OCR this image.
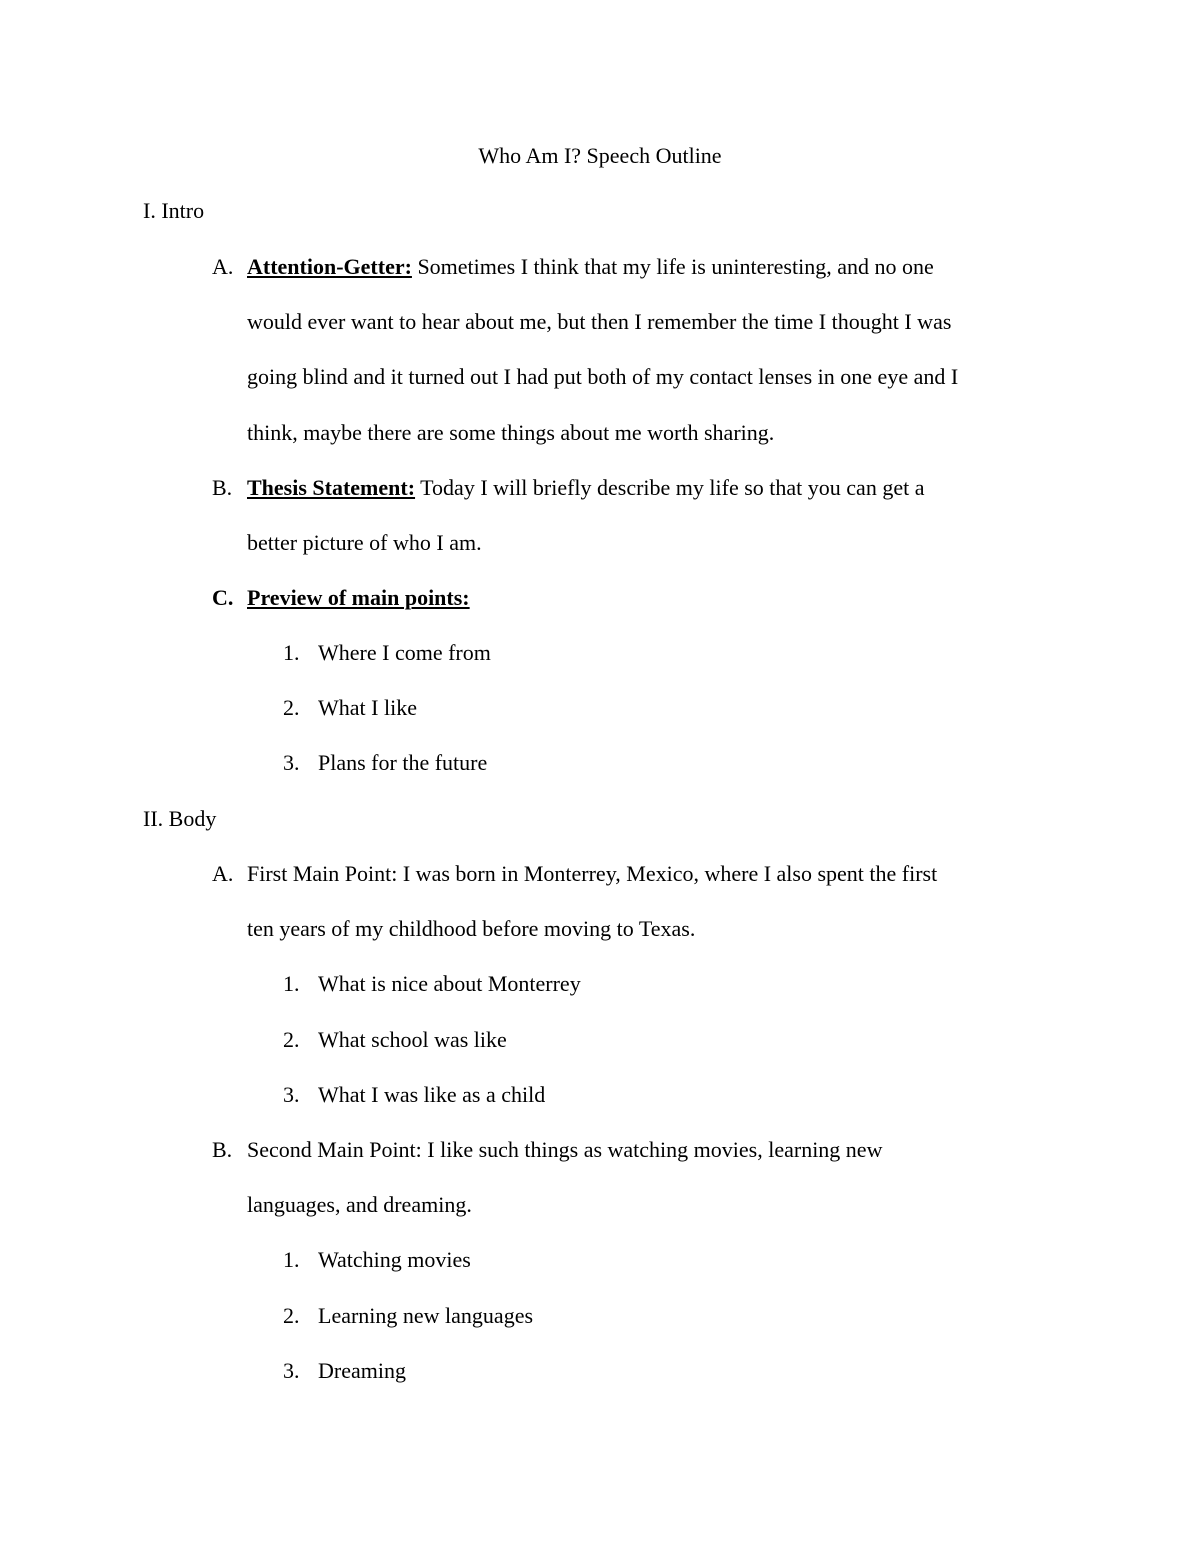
Who Am I? Speech Outline
I. Intro
A. Attention-Getter: Sometimes I think that my life is uninteresting, and no one
would ever want to hear about me, but then I remember the time I thought I was
going blind and it turned out I had put both of my contact lenses in one eye and I
think, maybe there are some things about me worth sharing.
B. Thesis Statement: Today I will briefly describe my life so that you can get a
better picture of who I am.
C. Preview of main points:
1. Where I come from
2. What I like
3. Plans for the future
II. Body
A. First Main Point: I was born in Monterrey, Mexico, where I also spent the first
ten years of my childhood before moving to Texas.
1. What is nice about Monterrey
2. What school was like
3. What I was like as a child
B. Second Main Point: I like such things as watching movies, learning new
languages, and dreaming.
1. Watching movies
2. Learning new languages
3. Dreaming
